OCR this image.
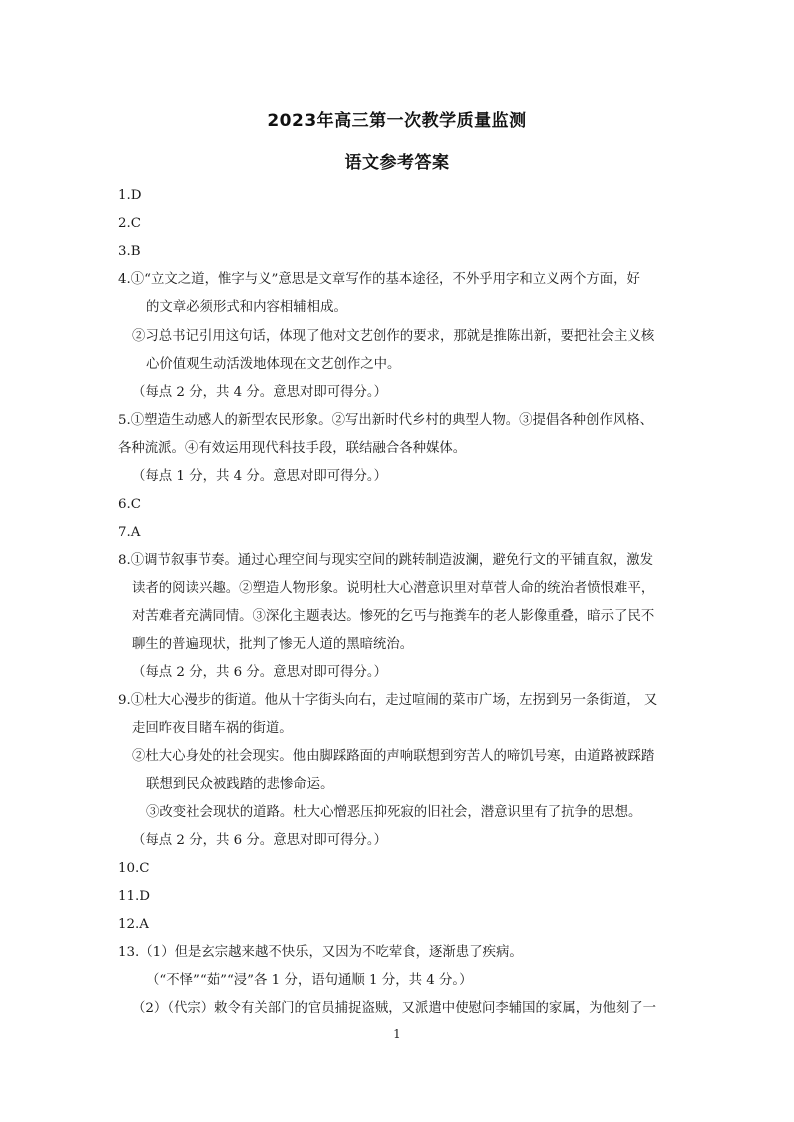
2023年高三第一次教学质量监测
语文参考答案
1.D
2.C
3.B
4.①“立文之道，惟字与义”意思是文章写作的基本途径，不外乎用字和立义两个方面，好
的文章必须形式和内容相辅相成。
②习总书记引用这句话，体现了他对文艺创作的要求，那就是推陈出新，要把社会主义核
心价值观生动活泼地体现在文艺创作之中。
（每点 2 分，共 4 分。意思对即可得分。）
5.①塑造生动感人的新型农民形象。②写出新时代乡村的典型人物。③提倡各种创作风格、
各种流派。④有效运用现代科技手段，联结融合各种媒体。
（每点 1 分，共 4 分。意思对即可得分。）
6.C
7.A
8.①调节叙事节奏。通过心理空间与现实空间的跳转制造波澜，避免行文的平铺直叙，激发
读者的阅读兴趣。②塑造人物形象。说明杜大心潜意识里对草菅人命的统治者愤恨难平，
对苦难者充满同情。③深化主题表达。惨死的乞丐与拖粪车的老人影像重叠，暗示了民不
聊生的普遍现状，批判了惨无人道的黑暗统治。
（每点 2 分，共 6 分。意思对即可得分。）
9.①杜大心漫步的街道。他从十字街头向右，走过喧闹的菜市广场，左拐到另一条街道， 又
走回昨夜目睹车祸的街道。
②杜大心身处的社会现实。他由脚踩路面的声响联想到穷苦人的啼饥号寒，由道路被踩踏
联想到民众被践踏的悲惨命运。
③改变社会现状的道路。杜大心憎恶压抑死寂的旧社会，潜意识里有了抗争的思想。
（每点 2 分，共 6 分。意思对即可得分。）
10.C
11.D
12.A
13.（1）但是玄宗越来越不快乐，又因为不吃荤食，逐渐患了疾病。
（“不怿”“茹”“浸”各 1 分，语句通顺 1 分，共 4 分。）
（2）（代宗）敕令有关部门的官员捕捉盗贼，又派遣中使慰问李辅国的家属，为他刻了一
1
